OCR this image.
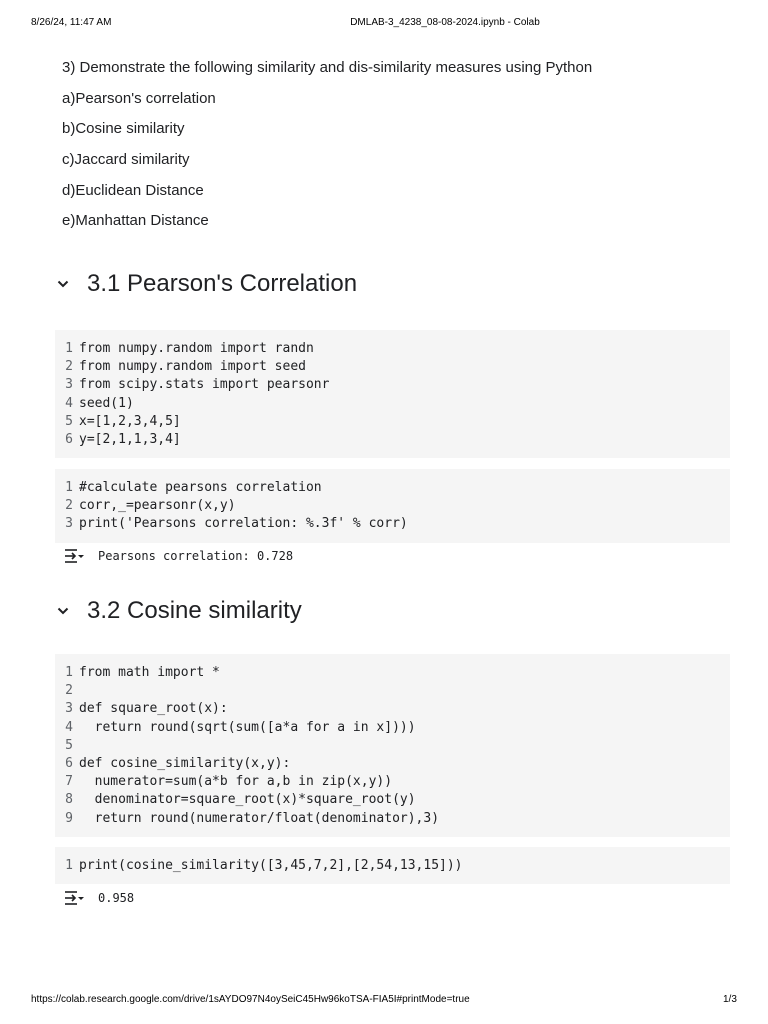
8/26/24, 11:47 AM	DMLAB-3_4238_08-08-2024.ipynb - Colab
3) Demonstrate the following similarity and dis-similarity measures using Python
a)Pearson's correlation
b)Cosine similarity
c)Jaccard similarity
d)Euclidean Distance
e)Manhattan Distance
3.1 Pearson's Correlation
1 from numpy.random import randn
2 from numpy.random import seed
3 from scipy.stats import pearsonr
4 seed(1)
5 x=[1,2,3,4,5]
6 y=[2,1,1,3,4]
1 #calculate pearsons correlation
2 corr,_=pearsonr(x,y)
3 print('Pearsons correlation: %.3f' % corr)
Pearsons correlation: 0.728
3.2 Cosine similarity
1 from math import *
2
3 def square_root(x):
4 return round(sqrt(sum([a*a for a in x])))
5
6 def cosine_similarity(x,y):
7 numerator=sum(a*b for a,b in zip(x,y))
8 denominator=square_root(x)*square_root(y)
9 return round(numerator/float(denominator),3)
1 print(cosine_similarity([3,45,7,2],[2,54,13,15]))
0.958
https://colab.research.google.com/drive/1sAYDO97N4oySeiC45Hw96koTSA-FIA5I#printMode=true	1/3
